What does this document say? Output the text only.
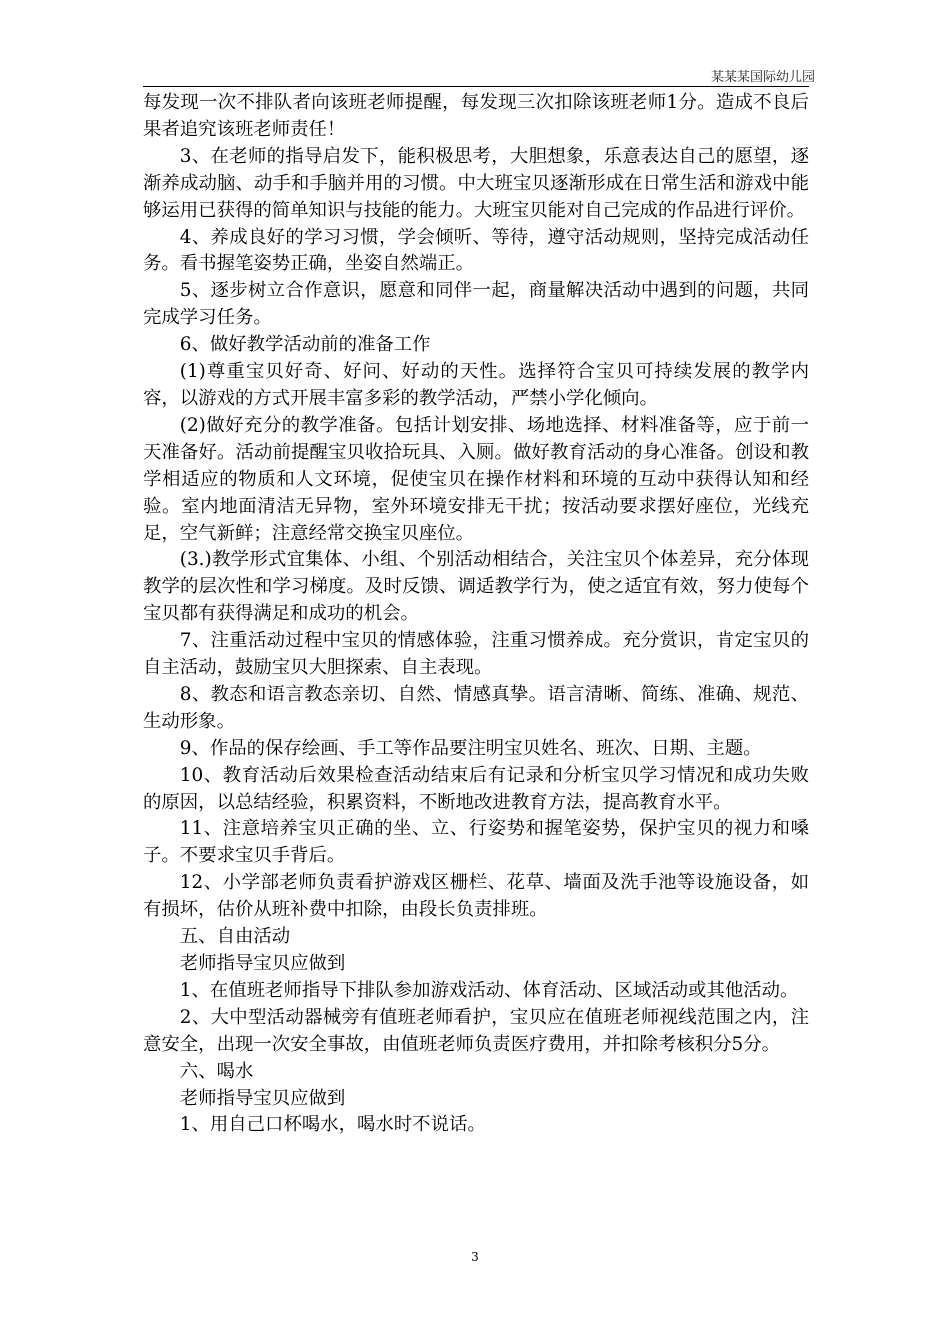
某某某国际幼儿园

每发现一次不排队者向该班老师提醒，每发现三次扣除该班老师1分。造成不良后果者追究该班老师责任！

3、在老师的指导启发下，能积极思考，大胆想象，乐意表达自己的愿望，逐渐养成动脑、动手和手脑并用的习惯。中大班宝贝逐渐形成在日常生活和游戏中能够运用已获得的简单知识与技能的能力。大班宝贝能对自己完成的作品进行评价。

4、养成良好的学习习惯，学会倾听、等待，遵守活动规则，坚持完成活动任务。看书握笔姿势正确，坐姿自然端正。

5、逐步树立合作意识，愿意和同伴一起，商量解决活动中遇到的问题，共同完成学习任务。

6、做好教学活动前的准备工作

(1)尊重宝贝好奇、好问、好动的天性。选择符合宝贝可持续发展的教学内容，以游戏的方式开展丰富多彩的教学活动，严禁小学化倾向。

(2)做好充分的教学准备。包括计划安排、场地选择、材料准备等，应于前一天准备好。活动前提醒宝贝收拾玩具、入厕。做好教育活动的身心准备。创设和教学相适应的物质和人文环境，促使宝贝在操作材料和环境的互动中获得认知和经验。室内地面清洁无异物，室外环境安排无干扰；按活动要求摆好座位，光线充足，空气新鲜；注意经常交换宝贝座位。

(3.)教学形式宜集体、小组、个别活动相结合，关注宝贝个体差异，充分体现教学的层次性和学习梯度。及时反馈、调适教学行为，使之适宜有效，努力使每个宝贝都有获得满足和成功的机会。

7、注重活动过程中宝贝的情感体验，注重习惯养成。充分赏识，肯定宝贝的自主活动，鼓励宝贝大胆探索、自主表现。

8、教态和语言教态亲切、自然、情感真挚。语言清晰、简练、准确、规范、生动形象。

9、作品的保存绘画、手工等作品要注明宝贝姓名、班次、日期、主题。

10、教育活动后效果检查活动结束后有记录和分析宝贝学习情况和成功失败的原因，以总结经验，积累资料，不断地改进教育方法，提高教育水平。

11、注意培养宝贝正确的坐、立、行姿势和握笔姿势，保护宝贝的视力和嗓子。不要求宝贝手背后。

12、小学部老师负责看护游戏区栅栏、花草、墙面及洗手池等设施设备，如有损坏，估价从班补费中扣除，由段长负责排班。

五、自由活动

老师指导宝贝应做到

1、在值班老师指导下排队参加游戏活动、体育活动、区域活动或其他活动。

2、大中型活动器械旁有值班老师看护，宝贝应在值班老师视线范围之内，注意安全，出现一次安全事故，由值班老师负责医疗费用，并扣除考核积分5分。

六、喝水

老师指导宝贝应做到

1、用自己口杯喝水，喝水时不说话。

3
